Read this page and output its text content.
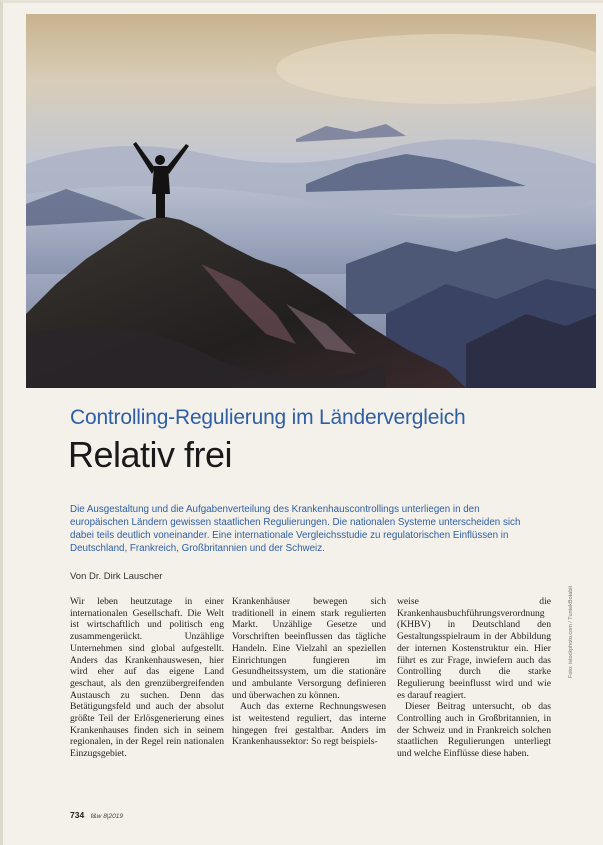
Controlling-Regulierung im Ländervergleich
Relativ frei
Die Ausgestaltung und die Aufgabenverteilung des Krankenhauscontrollings unterliegen in den europäischen Ländern gewissen staatlichen Regulierungen. Die nationalen Systeme unterscheiden sich dabei teils deutlich voneinander. Eine internationale Vergleichsstudie zu regulatorischen Einflüssen in Deutschland, Frankreich, Großbritannien und der Schweiz.
Von Dr. Dirk Lauscher

Wir leben heutzutage in einer internationalen Gesellschaft. Die Welt ist wirtschaftlich und politisch eng zusammengerückt. Unzählige Unternehmen sind global aufgestellt. Anders das Krankenhauswesen, hier wird eher auf das eigene Land geschaut, als den grenzübergreifenden Austausch zu suchen. Denn das Betätigungsfeld und auch der absolut größte Teil der Erlösgenerierung eines Krankenhauses finden sich in seinem regionalen, in der Regel rein nationalen Einzugsgebiet.

Krankenhäuser bewegen sich traditionell in einem stark regulierten Markt. Unzählige Gesetze und Vorschriften beeinflussen das tägliche Handeln. Eine Vielzahl an speziellen Einrichtungen fungieren im Gesundheitssystem, um die stationäre und ambulante Versorgung definieren und überwachen zu können.

Auch das externe Rechnungswesen ist weitestend reguliert, das interne hingegen frei gestaltbar. Anders im Krankenhaussektor: So regt beispiels-

weise die Krankenhausbuchführungsverordnung (KHBV) in Deutschland den Gestaltungsspielraum in der Abbildung der internen Kostenstruktur ein. Hier führt es zur Frage, inwiefern auch das Controlling durch die starke Regulierung beeinflusst wird und wie es darauf reagiert.

Dieser Beitrag untersucht, ob das Controlling auch in Großbritannien, in der Schweiz und in Frankreich solchen staatlichen Regulierungen unterliegt und welche Einflüsse diese haben.

Foto: istockphoto.com / TuntekBotabit
734 f&w 8|2019
